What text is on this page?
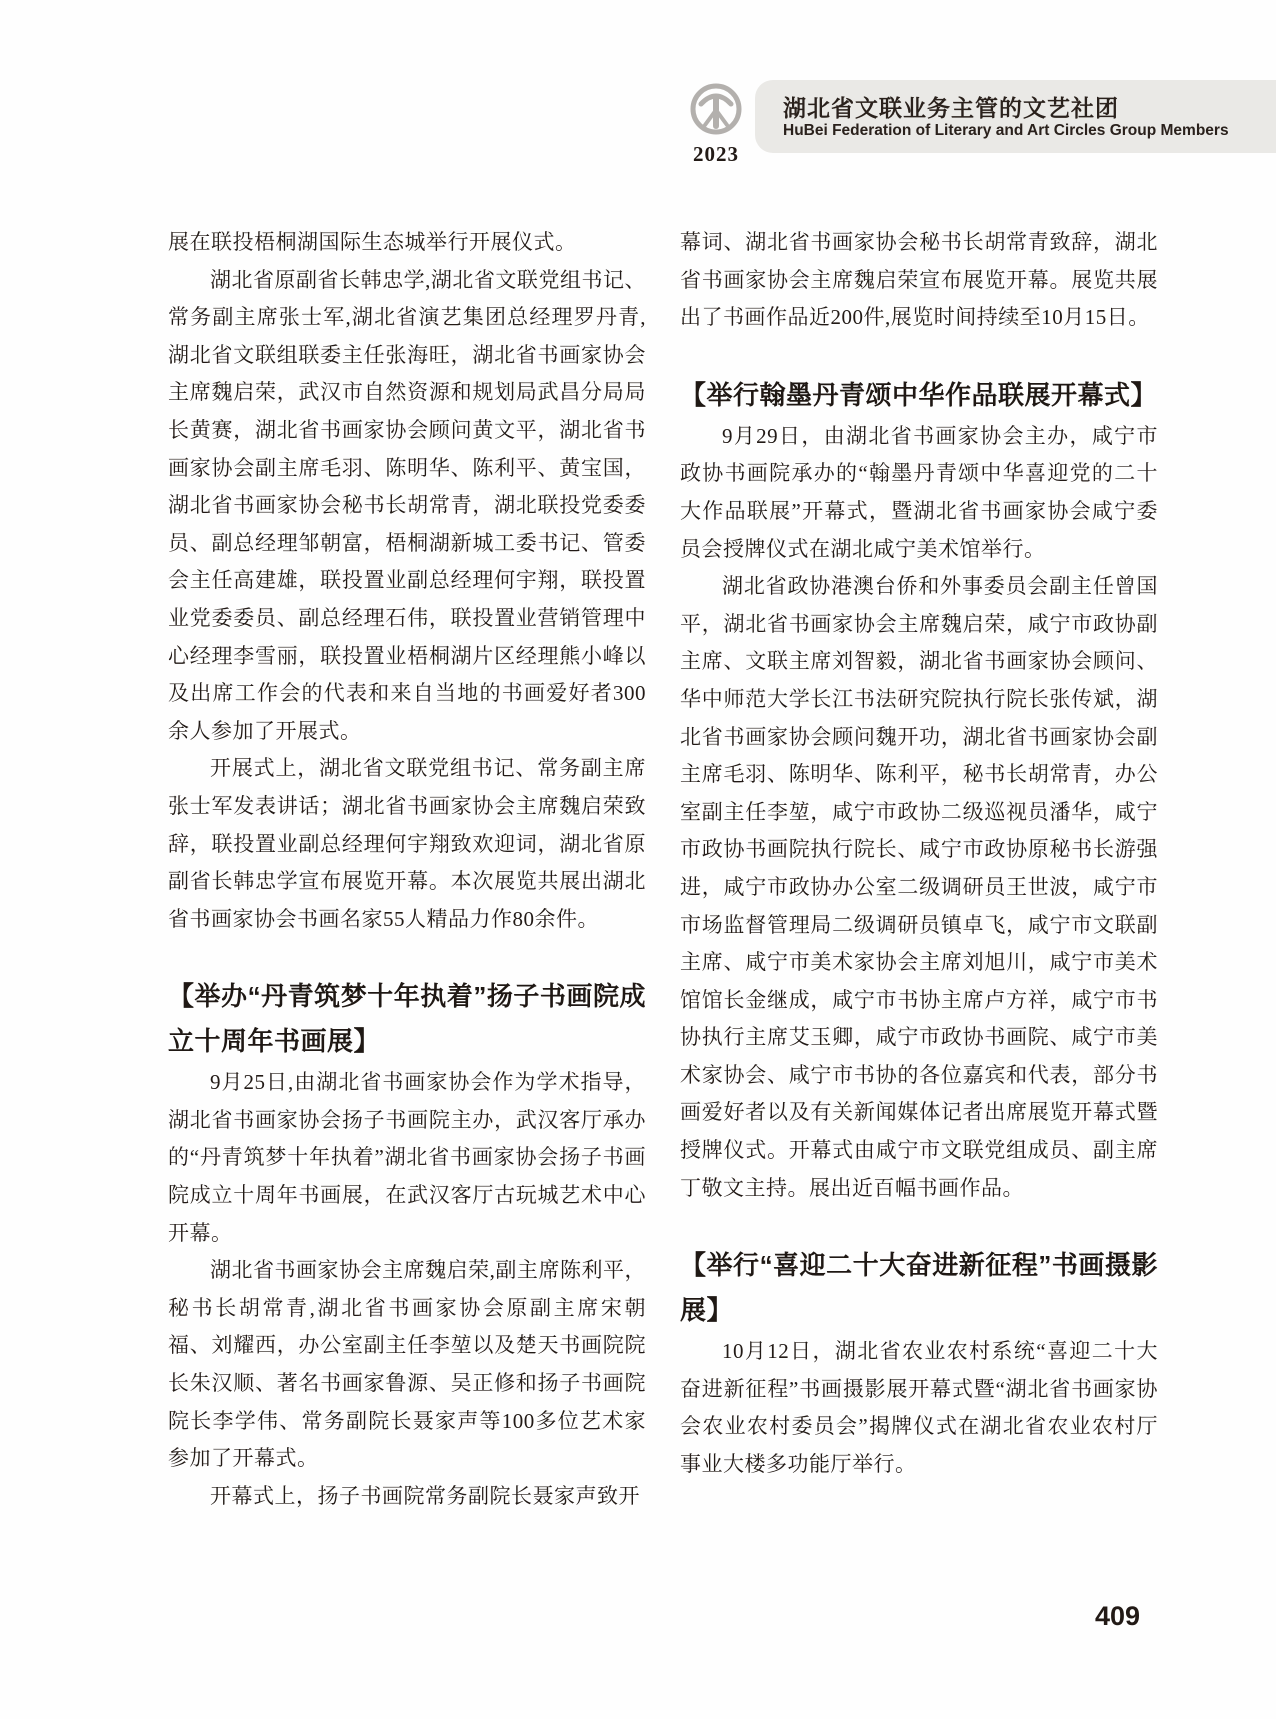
2023
湖北省文联业务主管的文艺社团
HuBei Federation of Literary and Art Circles Group Members

展在联投梧桐湖国际生态城举行开展仪式。

湖北省原副省长韩忠学,湖北省文联党组书记、常务副主席张士军,湖北省演艺集团总经理罗丹青,湖北省文联组联委主任张海旺，湖北省书画家协会主席魏启荣，武汉市自然资源和规划局武昌分局局长黄赛，湖北省书画家协会顾问黄文平，湖北省书画家协会副主席毛羽、陈明华、陈利平、黄宝国，湖北省书画家协会秘书长胡常青，湖北联投党委委员、副总经理邹朝富，梧桐湖新城工委书记、管委会主任高建雄，联投置业副总经理何宇翔，联投置业党委委员、副总经理石伟，联投置业营销管理中心经理李雪丽，联投置业梧桐湖片区经理熊小峰以及出席工作会的代表和来自当地的书画爱好者300余人参加了开展式。

开展式上，湖北省文联党组书记、常务副主席张士军发表讲话；湖北省书画家协会主席魏启荣致辞，联投置业副总经理何宇翔致欢迎词，湖北省原副省长韩忠学宣布展览开幕。本次展览共展出湖北省书画家协会书画名家55人精品力作80余件。

【举办“丹青筑梦十年执着”扬子书画院成立十周年书画展】

9月25日,由湖北省书画家协会作为学术指导，湖北省书画家协会扬子书画院主办，武汉客厅承办的“丹青筑梦十年执着”湖北省书画家协会扬子书画院成立十周年书画展，在武汉客厅古玩城艺术中心开幕。

湖北省书画家协会主席魏启荣,副主席陈利平，秘书长胡常青,湖北省书画家协会原副主席宋朝福、刘耀西，办公室副主任李堃以及楚天书画院院长朱汉顺、著名书画家鲁源、吴正修和扬子书画院院长李学伟、常务副院长聂家声等100多位艺术家参加了开幕式。

开幕式上，扬子书画院常务副院长聂家声致开

幕词、湖北省书画家协会秘书长胡常青致辞，湖北省书画家协会主席魏启荣宣布展览开幕。展览共展出了书画作品近200件,展览时间持续至10月15日。

【举行翰墨丹青颂中华作品联展开幕式】

9月29日，由湖北省书画家协会主办，咸宁市政协书画院承办的“翰墨丹青颂中华喜迎党的二十大作品联展”开幕式，暨湖北省书画家协会咸宁委员会授牌仪式在湖北咸宁美术馆举行。

湖北省政协港澳台侨和外事委员会副主任曾国平，湖北省书画家协会主席魏启荣，咸宁市政协副主席、文联主席刘智毅，湖北省书画家协会顾问、华中师范大学长江书法研究院执行院长张传斌，湖北省书画家协会顾问魏开功，湖北省书画家协会副主席毛羽、陈明华、陈利平，秘书长胡常青，办公室副主任李堃，咸宁市政协二级巡视员潘华，咸宁市政协书画院执行院长、咸宁市政协原秘书长游强进，咸宁市政协办公室二级调研员王世波，咸宁市市场监督管理局二级调研员镇卓飞，咸宁市文联副主席、咸宁市美术家协会主席刘旭川，咸宁市美术馆馆长金继成，咸宁市书协主席卢方祥，咸宁市书协执行主席艾玉卿，咸宁市政协书画院、咸宁市美术家协会、咸宁市书协的各位嘉宾和代表，部分书画爱好者以及有关新闻媒体记者出席展览开幕式暨授牌仪式。开幕式由咸宁市文联党组成员、副主席丁敬文主持。展出近百幅书画作品。

【举行“喜迎二十大奋进新征程”书画摄影展】

10月12日，湖北省农业农村系统“喜迎二十大奋进新征程”书画摄影展开幕式暨“湖北省书画家协会农业农村委员会”揭牌仪式在湖北省农业农村厅事业大楼多功能厅举行。

409
